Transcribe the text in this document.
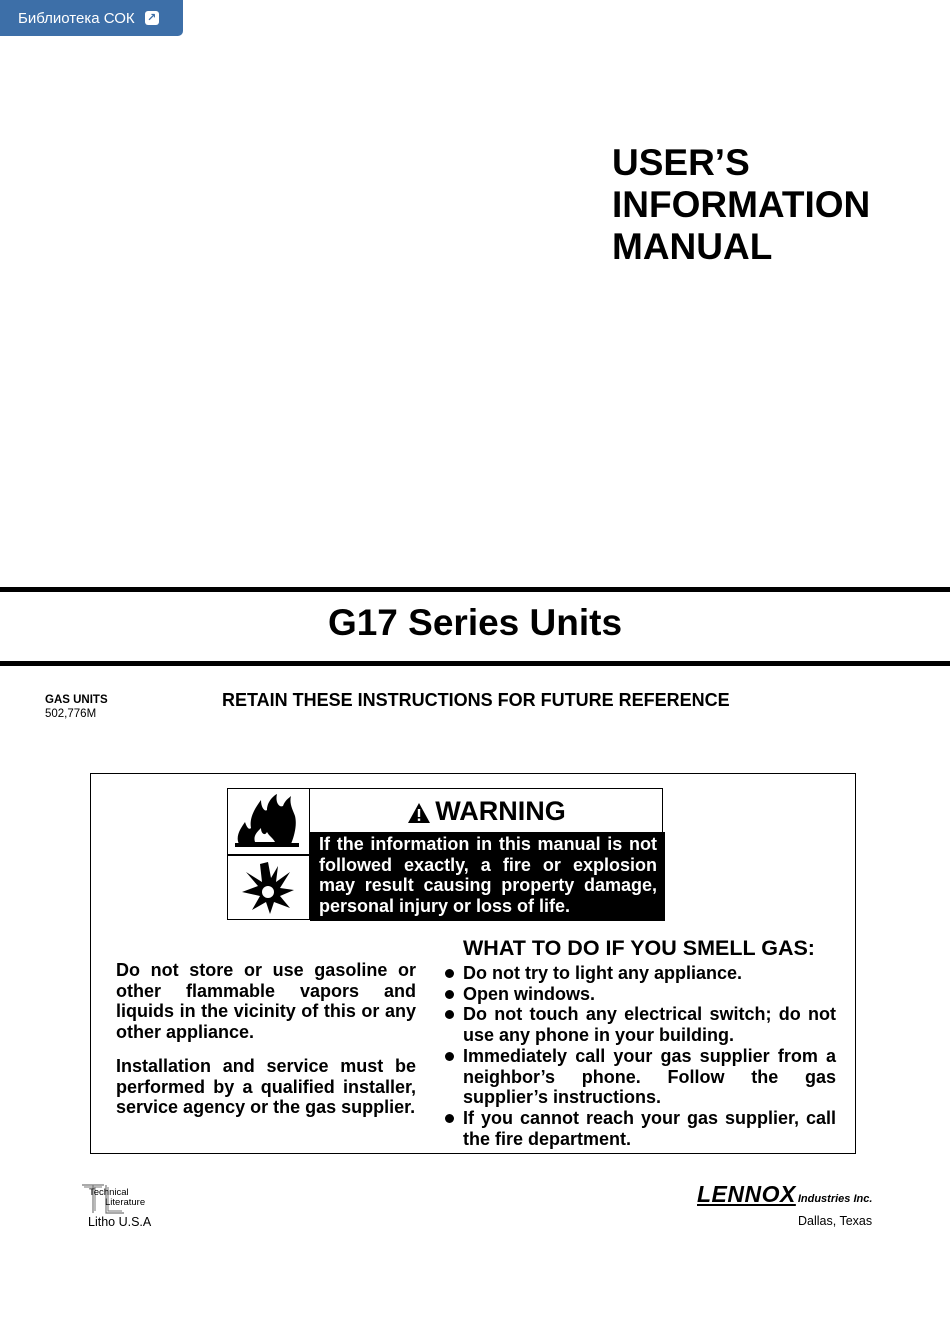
Библиотека СОК ↗
USER’S
INFORMATION
MANUAL
G17 Series Units
GAS UNITS
502,776M
RETAIN THESE INSTRUCTIONS FOR FUTURE REFERENCE
WARNING
If the information in this manual is not followed exactly, a fire or explosion may result causing property damage, personal injury or loss of life.

Do not store or use gasoline or other flammable vapors and liquids in the vicinity of this or any other appliance.

Installation and service must be performed by a qualified installer, service agency or the gas supplier.

WHAT TO DO IF YOU SMELL GAS:
Do not try to light any appliance.
Open windows.
Do not touch any electrical switch; do not use any phone in your building.
Immediately call your gas supplier from a neighbor’s phone. Follow the gas supplier’s instructions.
If you cannot reach your gas supplier, call the fire department.
Technical
Literature
Litho U.S.A
LENNOX Industries Inc.
Dallas, Texas
